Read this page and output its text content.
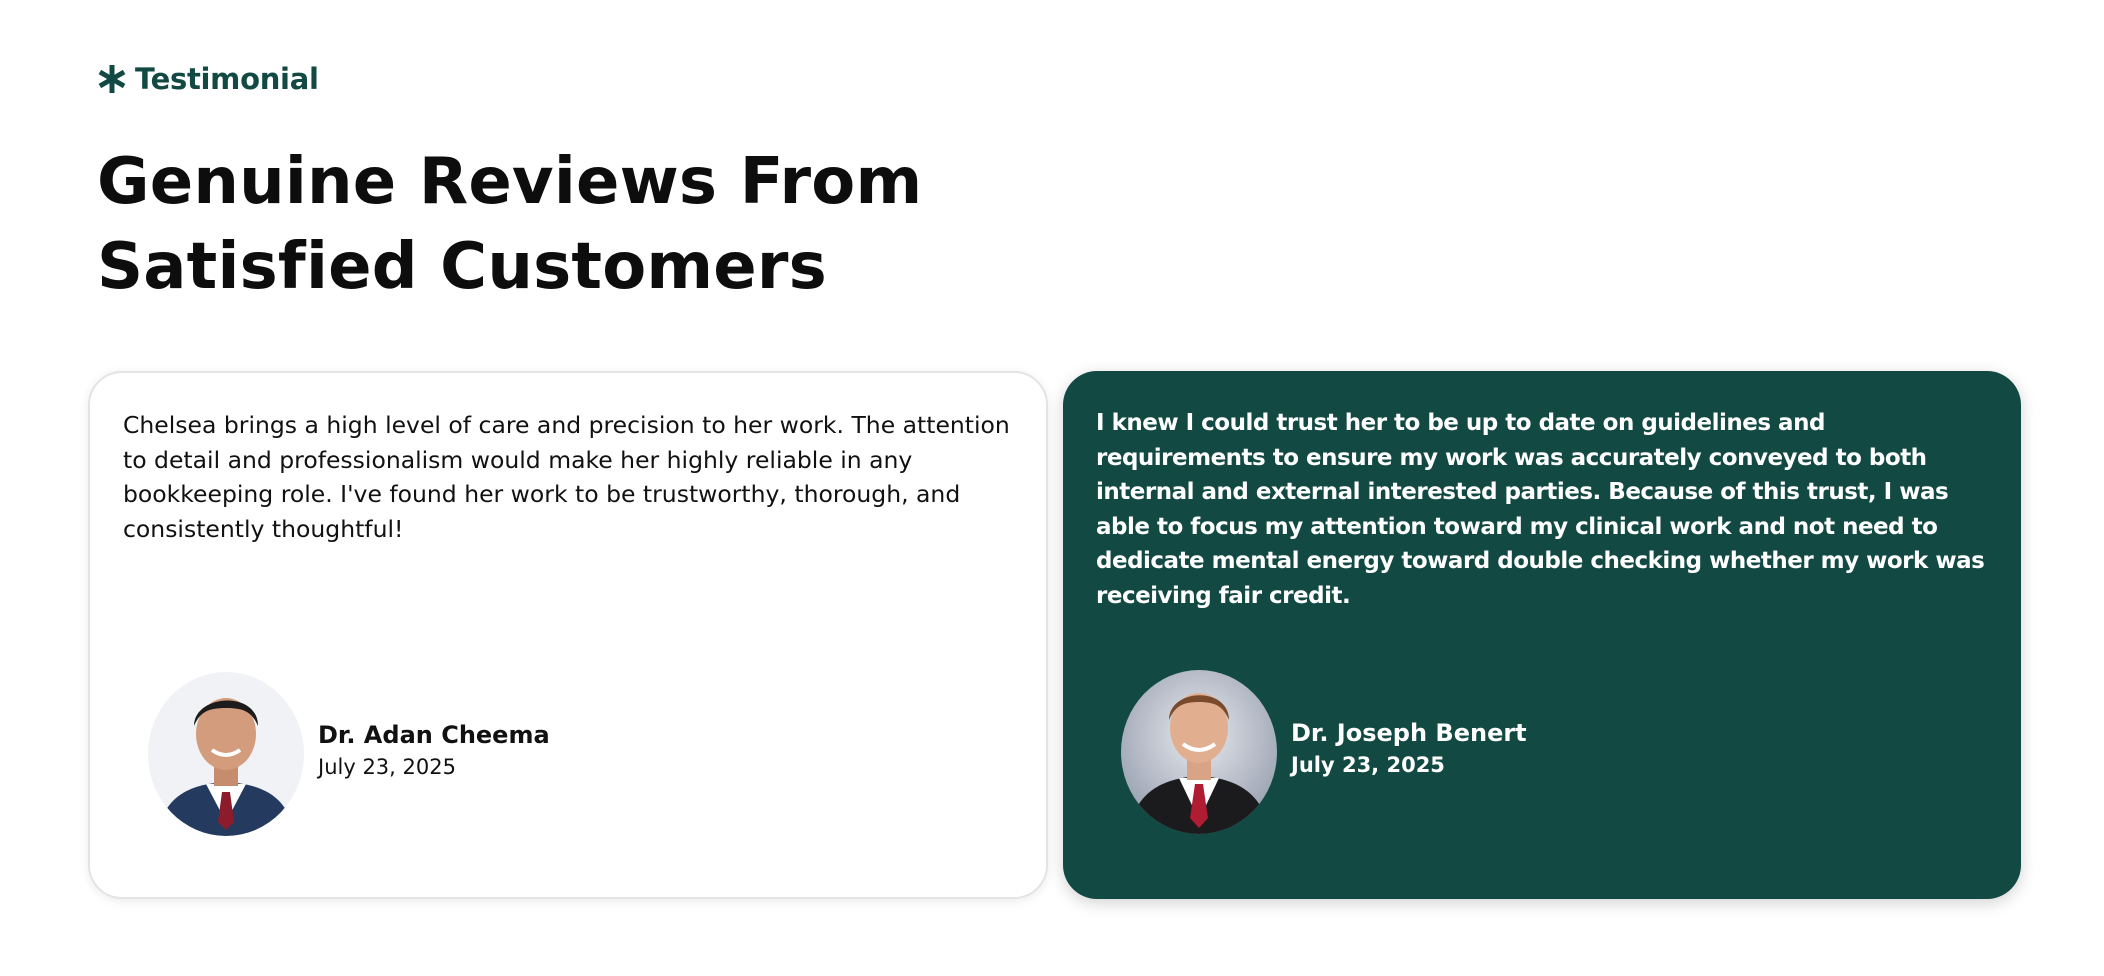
Testimonial
Genuine Reviews From
Satisfied Customers

Chelsea brings a high level of care and precision to her work. The attention to detail and professionalism would make her highly reliable in any bookkeeping role. I've found her work to be trustworthy, thorough, and consistently thoughtful!

Dr. Adan Cheema
July 23, 2025

I knew I could trust her to be up to date on guidelines and requirements to ensure my work was accurately conveyed to both internal and external interested parties. Because of this trust, I was able to focus my attention toward my clinical work and not need to dedicate mental energy toward double checking whether my work was receiving fair credit.

Dr. Joseph Benert
July 23, 2025
